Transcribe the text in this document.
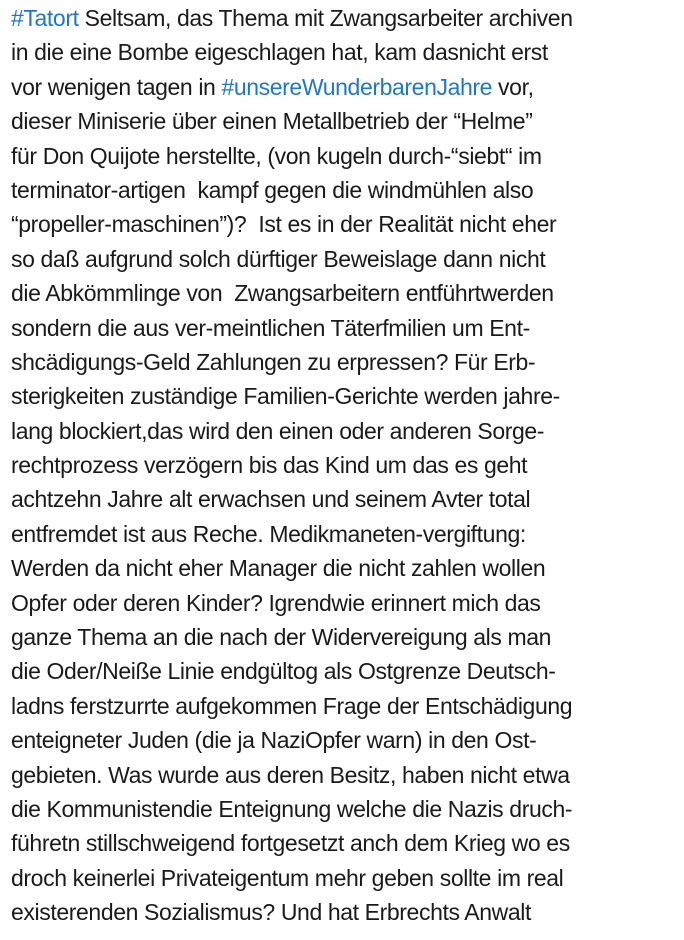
#Tatort Seltsam, das Thema mit Zwangsarbeiter archiven
in die eine Bombe eigeschlagen hat, kam dasnicht erst
vor wenigen tagen in #unsereWunderbarenJahre vor,
dieser Miniserie über einen Metallbetrieb der “Helme”
für Don Quijote herstellte, (von kugeln durch-“siebt“ im
terminator-artigen  kampf gegen die windmühlen also
“propeller-maschinen”)?  Ist es in der Realität nicht eher
so daß aufgrund solch dürftiger Beweislage dann nicht
die Abkömmlinge von  Zwangsarbeitern entführtwerden
sondern die aus ver-meintlichen Täterfmilien um Ent-
shcädigungs-Geld Zahlungen zu erpressen? Für Erb-
sterigkeiten zuständige Familien-Gerichte werden jahre-
lang blockiert,das wird den einen oder anderen Sorge-
rechtprozess verzögern bis das Kind um das es geht
achtzehn Jahre alt erwachsen und seinem Avter total
entfremdet ist aus Reche. Medikmaneten-vergiftung:
Werden da nicht eher Manager die nicht zahlen wollen
Opfer oder deren Kinder? Igrendwie erinnert mich das
ganze Thema an die nach der Widervereigung als man
die Oder/Neiße Linie endgültog als Ostgrenze Deutsch-
ladns ferstzurrte aufgekommen Frage der Entschädigung
enteigneter Juden (die ja NaziOpfer warn) in den Ost-
gebieten. Was wurde aus deren Besitz, haben nicht etwa
die Kommunistendie Enteignung welche die Nazis druch-
führetn stillschweigend fortgesetzt anch dem Krieg wo es
droch keinerlei Privateigentum mehr geben sollte im real
existerenden Sozialismus? Und hat Erbrechts Anwalt
